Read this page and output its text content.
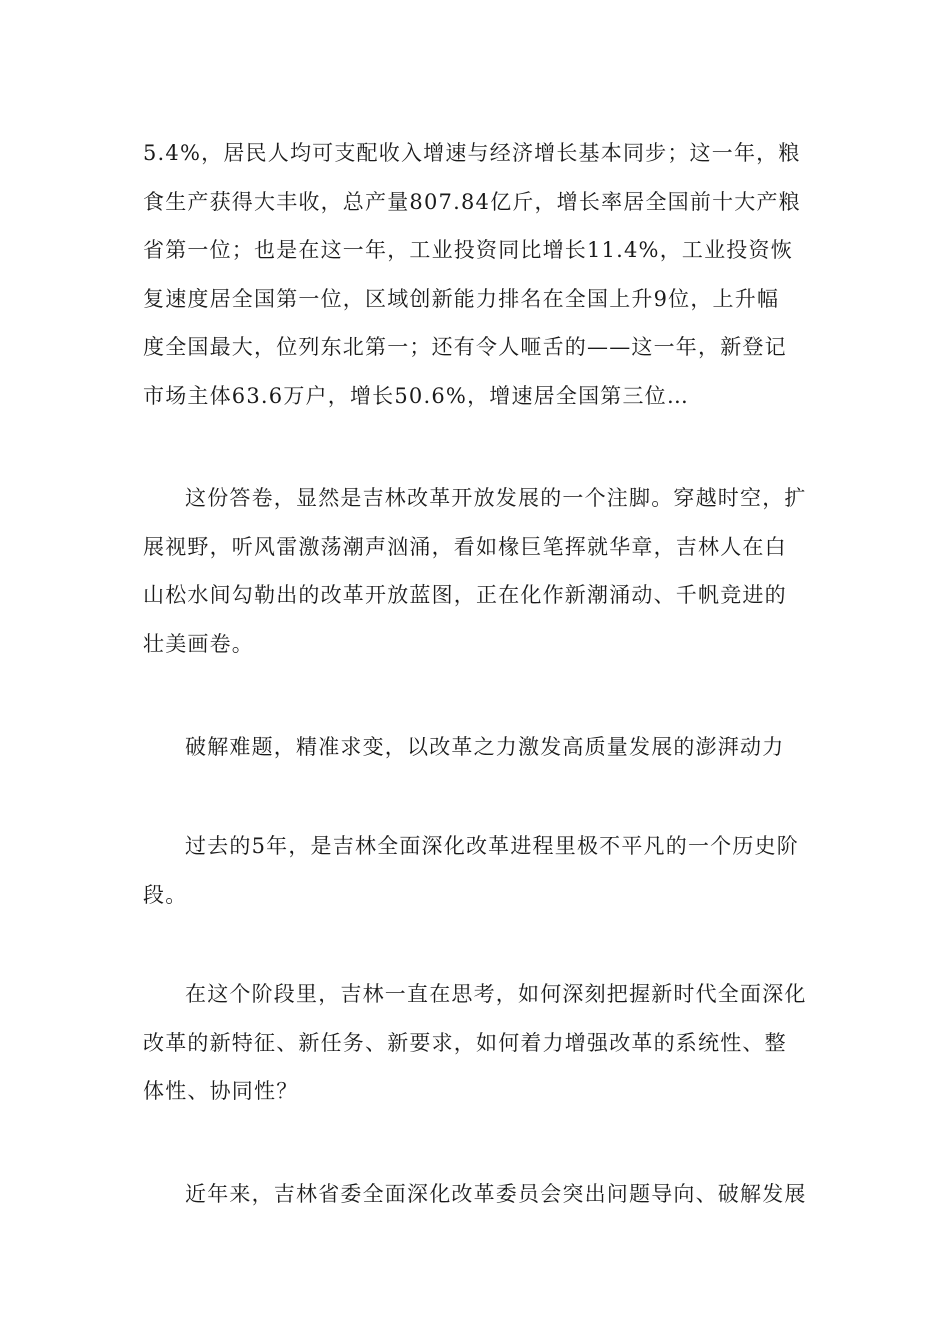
5.4%，居民人均可支配收入增速与经济增长基本同步；这一年，粮
食生产获得大丰收，总产量807.84亿斤，增长率居全国前十大产粮
省第一位；也是在这一年，工业投资同比增长11.4%，工业投资恢
复速度居全国第一位，区域创新能力排名在全国上升9位，上升幅
度全国最大，位列东北第一；还有令人咂舌的——这一年，新登记
市场主体63.6万户，增长50.6%，增速居全国第三位…
这份答卷，显然是吉林改革开放发展的一个注脚。穿越时空，扩
展视野，听风雷激荡潮声汹涌，看如椽巨笔挥就华章，吉林人在白
山松水间勾勒出的改革开放蓝图，正在化作新潮涌动、千帆竞进的
壮美画卷。
破解难题，精准求变，以改革之力激发高质量发展的澎湃动力
过去的5年，是吉林全面深化改革进程里极不平凡的一个历史阶
段。
在这个阶段里，吉林一直在思考，如何深刻把握新时代全面深化
改革的新特征、新任务、新要求，如何着力增强改革的系统性、整
体性、协同性？
近年来，吉林省委全面深化改革委员会突出问题导向、破解发展
